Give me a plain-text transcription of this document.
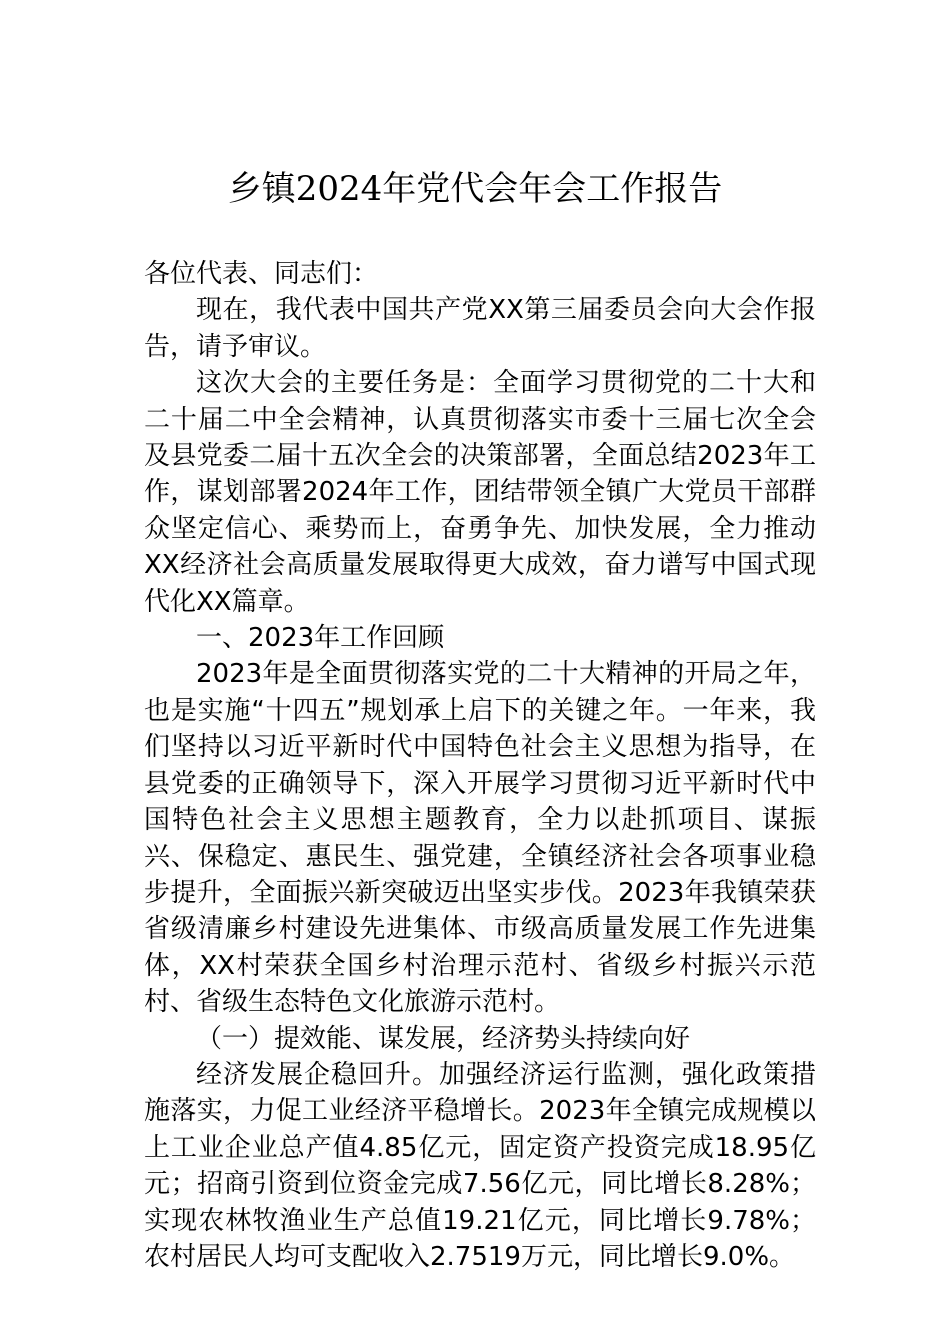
乡镇2024年党代会年会工作报告

各位代表、同志们：

现在，我代表中国共产党XX第三届委员会向大会作报告，请予审议。

这次大会的主要任务是：全面学习贯彻党的二十大和二十届二中全会精神，认真贯彻落实市委十三届七次全会及县党委二届十五次全会的决策部署，全面总结2023年工作，谋划部署2024年工作，团结带领全镇广大党员干部群众坚定信心、乘势而上，奋勇争先、加快发展，全力推动XX经济社会高质量发展取得更大成效，奋力谱写中国式现代化XX篇章。

一、2023年工作回顾

2023年是全面贯彻落实党的二十大精神的开局之年，也是实施“十四五”规划承上启下的关键之年。一年来，我们坚持以习近平新时代中国特色社会主义思想为指导，在县党委的正确领导下，深入开展学习贯彻习近平新时代中国特色社会主义思想主题教育，全力以赴抓项目、谋振兴、保稳定、惠民生、强党建，全镇经济社会各项事业稳步提升，全面振兴新突破迈出坚实步伐。2023年我镇荣获省级清廉乡村建设先进集体、市级高质量发展工作先进集体，XX村荣获全国乡村治理示范村、省级乡村振兴示范村、省级生态特色文化旅游示范村。

（一）提效能、谋发展，经济势头持续向好

经济发展企稳回升。加强经济运行监测，强化政策措施落实，力促工业经济平稳增长。2023年全镇完成规模以上工业企业总产值4.85亿元，固定资产投资完成18.95亿元；招商引资到位资金完成7.56亿元，同比增长8.28%；实现农林牧渔业生产总值19.21亿元，同比增长9.78%；农村居民人均可支配收入2.7519万元，同比增长9.0%。
